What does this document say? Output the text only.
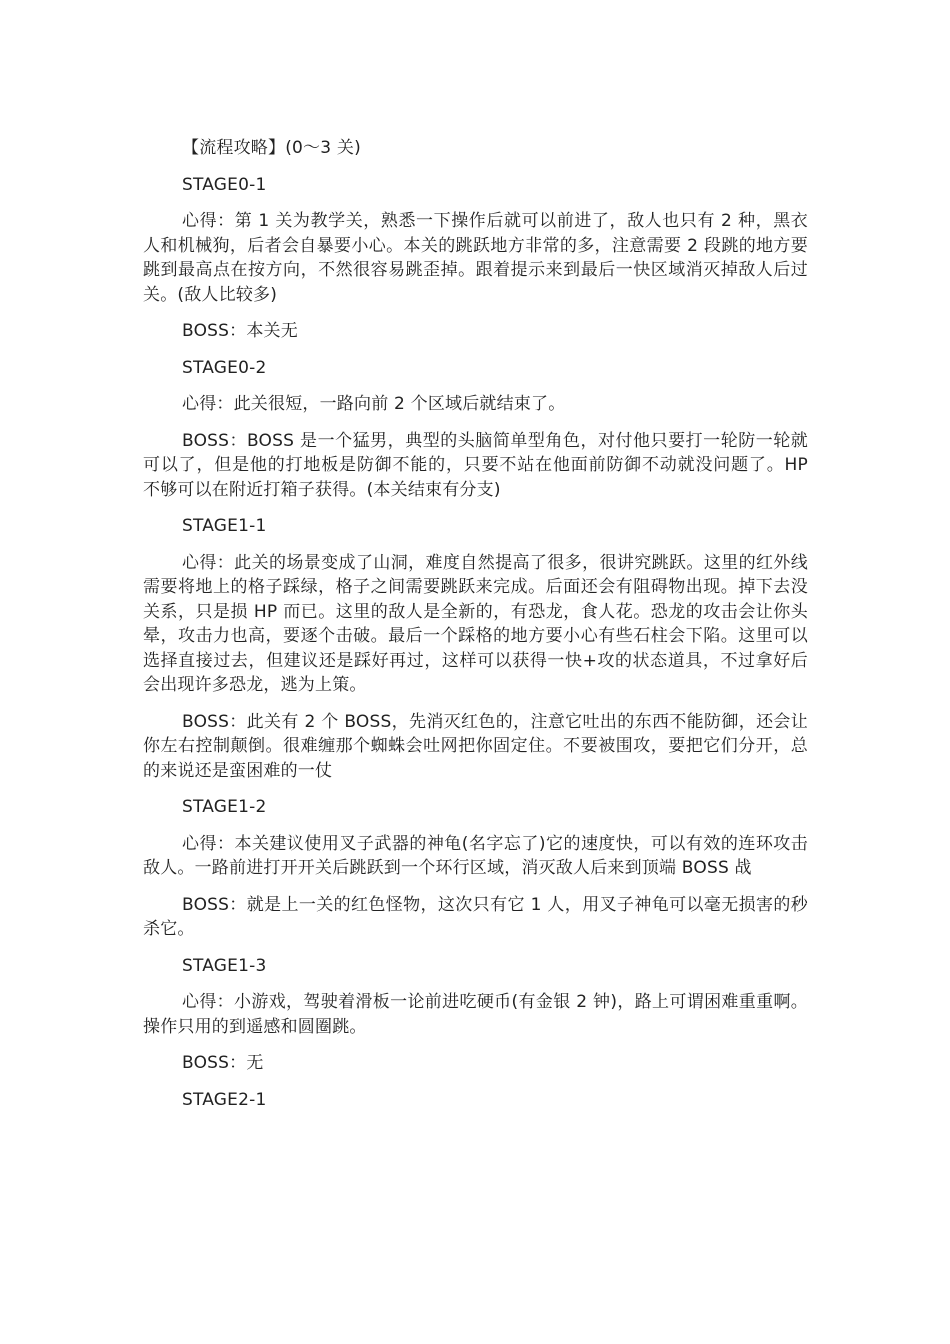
【流程攻略】(0～3 关)

STAGE0-1

心得：第 1 关为教学关，熟悉一下操作后就可以前进了，敌人也只有 2 种，黑衣人和机械狗，后者会自暴要小心。本关的跳跃地方非常的多，注意需要 2 段跳的地方要跳到最高点在按方向，不然很容易跳歪掉。跟着提示来到最后一快区域消灭掉敌人后过关。(敌人比较多)

BOSS：本关无

STAGE0-2

心得：此关很短，一路向前 2 个区域后就结束了。

BOSS：BOSS 是一个猛男，典型的头脑简单型角色，对付他只要打一轮防一轮就可以了，但是他的打地板是防御不能的，只要不站在他面前防御不动就没问题了。HP 不够可以在附近打箱子获得。(本关结束有分支)

STAGE1-1

心得：此关的场景变成了山洞，难度自然提高了很多，很讲究跳跃。这里的红外线需要将地上的格子踩绿，格子之间需要跳跃来完成。后面还会有阻碍物出现。掉下去没关系，只是损 HP 而已。这里的敌人是全新的，有恐龙，食人花。恐龙的攻击会让你头晕，攻击力也高，要逐个击破。最后一个踩格的地方要小心有些石柱会下陷。这里可以选择直接过去，但建议还是踩好再过，这样可以获得一快+攻的状态道具，不过拿好后会出现许多恐龙，逃为上策。

BOSS：此关有 2 个 BOSS，先消灭红色的，注意它吐出的东西不能防御，还会让你左右控制颠倒。很难缠那个蜘蛛会吐网把你固定住。不要被围攻，要把它们分开，总的来说还是蛮困难的一仗

STAGE1-2

心得：本关建议使用叉子武器的神龟(名字忘了)它的速度快，可以有效的连环攻击敌人。一路前进打开开关后跳跃到一个环行区域，消灭敌人后来到顶端 BOSS 战

BOSS：就是上一关的红色怪物，这次只有它 1 人，用叉子神龟可以毫无损害的秒杀它。

STAGE1-3

心得：小游戏，驾驶着滑板一论前进吃硬币(有金银 2 钟)，路上可谓困难重重啊。操作只用的到遥感和圆圈跳。

BOSS：无

STAGE2-1
